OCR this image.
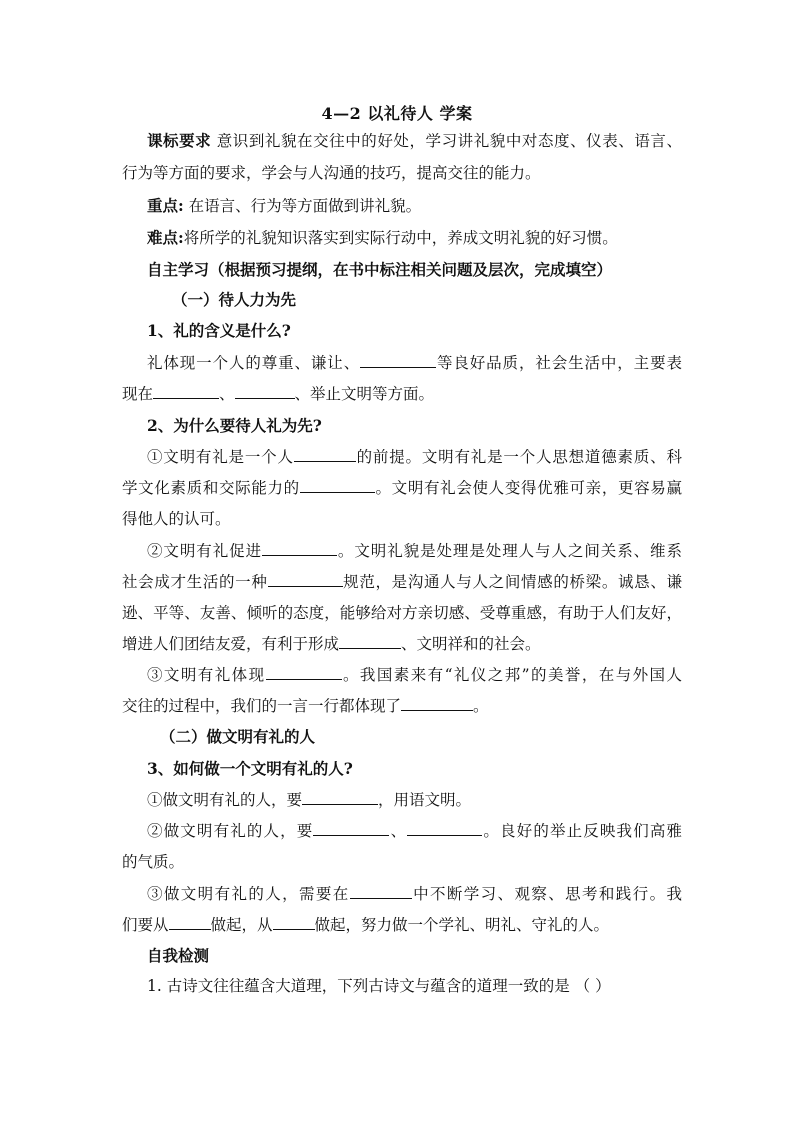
4—2 以礼待人 学案
课标要求 意识到礼貌在交往中的好处，学习讲礼貌中对态度、仪表、语言、
行为等方面的要求，学会与人沟通的技巧，提高交往的能力。
重点: 在语言、行为等方面做到讲礼貌。
难点:将所学的礼貌知识落实到实际行动中，养成文明礼貌的好习惯。
自主学习（根据预习提纲，在书中标注相关问题及层次，完成填空）
（一）待人力为先
1、礼的含义是什么?
礼体现一个人的尊重、谦让、	等良好品质，社会生活中，主要表
现在	、	、举止文明等方面。
2、为什么要待人礼为先?
①文明有礼是一个人	的前提。文明有礼是一个人思想道德素质、科
学文化素质和交际能力的	。文明有礼会使人变得优雅可亲，更容易赢
得他人的认可。
②文明有礼促进	。文明礼貌是处理是处理人与人之间关系、维系
社会成才生活的一种	规范，是沟通人与人之间情感的桥梁。诚恳、谦
逊、平等、友善、倾听的态度，能够给对方亲切感、受尊重感，有助于人们友好，
增进人们团结友爱，有利于形成	、文明祥和的社会。
③文明有礼体现	。我国素来有“礼仪之邦”的美誉，在与外国人
交往的过程中，我们的一言一行都体现了	。
（二）做文明有礼的人
3、如何做一个文明有礼的人?
①做文明有礼的人，要	，用语文明。
②做文明有礼的人，要	、	。良好的举止反映我们高雅
的气质。
③做文明有礼的人，需要在	中不断学习、观察、思考和践行。我
们要从	做起，从	做起，努力做一个学礼、明礼、守礼的人。
自我检测
1. 古诗文往往蕴含大道理，下列古诗文与蕴含的道理一致的是 （ ）
